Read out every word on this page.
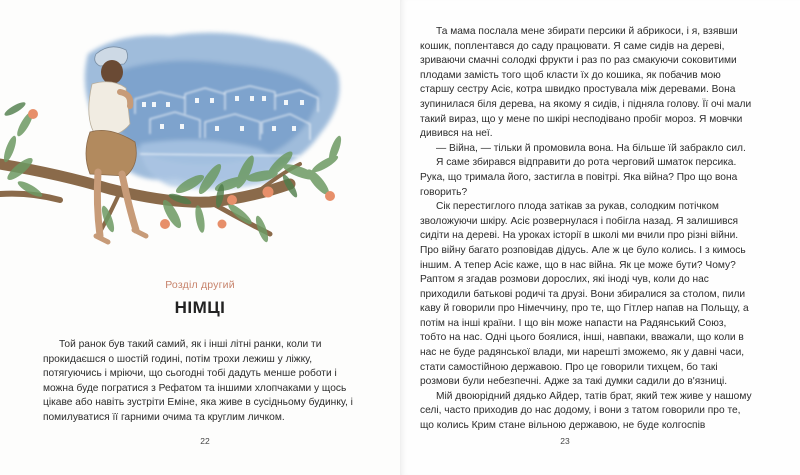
Розділ другий
НІМЦІ

Той ранок був такий самий, як і інші літні ранки, коли ти прокидаєшся о шостій годині, потім трохи лежиш у ліжку, потягуючись і мріючи, що сьогодні тобі дадуть менше роботи і можна буде погратися з Рефатом та іншими хлопчаками у щось цікаве або навіть зустріти Еміне, яка живе в сусідньому будинку, і помилуватися її гарними очима та круглим личком.

22

Та мама послала мене збирати персики й абрикоси, і я, взявши кошик, поплентався до саду працювати. Я саме сидів на дереві, зриваючи смачні солодкі фрукти і раз по раз смакуючи соковитими плодами замість того щоб класти їх до кошика, як побачив мою старшу сестру Асіє, котра швидко простувала між деревами. Вона зупинилася біля дерева, на якому я сидів, і підняла голову. Її очі мали такий вираз, що у мене по шкірі несподівано пробіг мороз. Я мовчки дивився на неї.

— Війна, — тільки й промовила вона. На більше їй забракло сил.

Я саме збирався відправити до рота черговий шматок персика. Рука, що тримала його, застигла в повітрі. Яка війна? Про що вона говорить?

Сік перестиглого плода затікав за рукав, солодким потічком зволожуючи шкіру. Асіє розвернулася і побігла назад. Я залишився сидіти на дереві. На уроках історії в школі ми вчили про різні війни. Про війну багато розповідав дідусь. Але ж це було колись. І з кимось іншим. А тепер Асіє каже, що в нас війна. Як це може бути? Чому? Раптом я згадав розмови дорослих, які іноді чув, коли до нас приходили батькові родичі та друзі. Вони збиралися за столом, пили каву й говорили про Німеччину, про те, що Гітлер напав на Польщу, а потім на інші країни. І що він може напасти на Радянський Союз, тобто на нас. Одні цього боялися, інші, навпаки, вважали, що коли в нас не буде радянської влади, ми нарешті зможемо, як у давні часи, стати самостійною державою. Про це говорили тихцем, бо такі розмови були небезпечні. Адже за такі думки садили до в'язниці.

Мій двоюрідний дядько Айдер, татів брат, який теж живе у нашому селі, часто приходив до нас додому, і вони з татом говорили про те, що колись Крим стане вільною державою, не буде колгоспів

23
